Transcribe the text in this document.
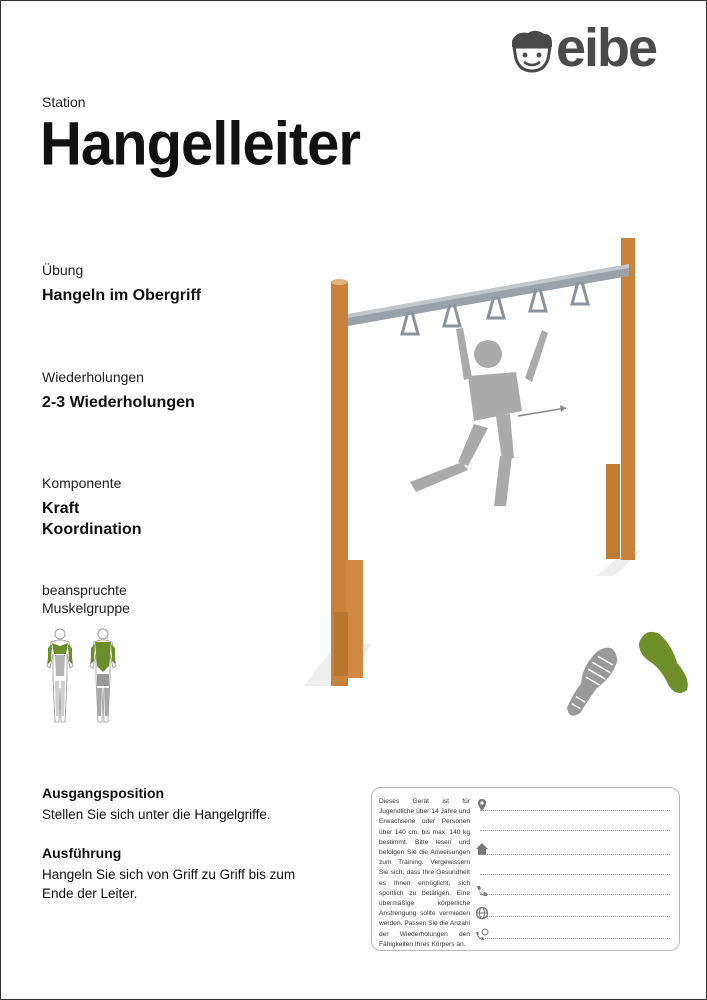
eibe
Station
Hangelleiter
Übung
Hangeln im Obergriff
Wiederholungen
2-3 Wiederholungen
Komponente
Kraft
Koordination
beanspruchte
Muskelgruppe
Ausgangsposition
Stellen Sie sich unter die Hangelgriffe.
Ausführung
Hangeln Sie sich von Griff zu Griff bis zum
Ende der Leiter.
Dieses Gerät ist für Jugendliche über 14 Jahre und Erwachsene oder Personen über 140 cm, bis max. 140 kg bestimmt. Bitte lesen und befolgen Sie die Anweisungen zum Training. Vergewissern Sie sich, dass Ihre Gesundheit es Ihnen ermöglicht, sich sportlich zu betätigen. Eine übermäßige körperliche Anstrengung sollte vermieden werden. Passen Sie die Anzahl der Wiederholungen den Fähigkeiten Ihres Körpers an.
